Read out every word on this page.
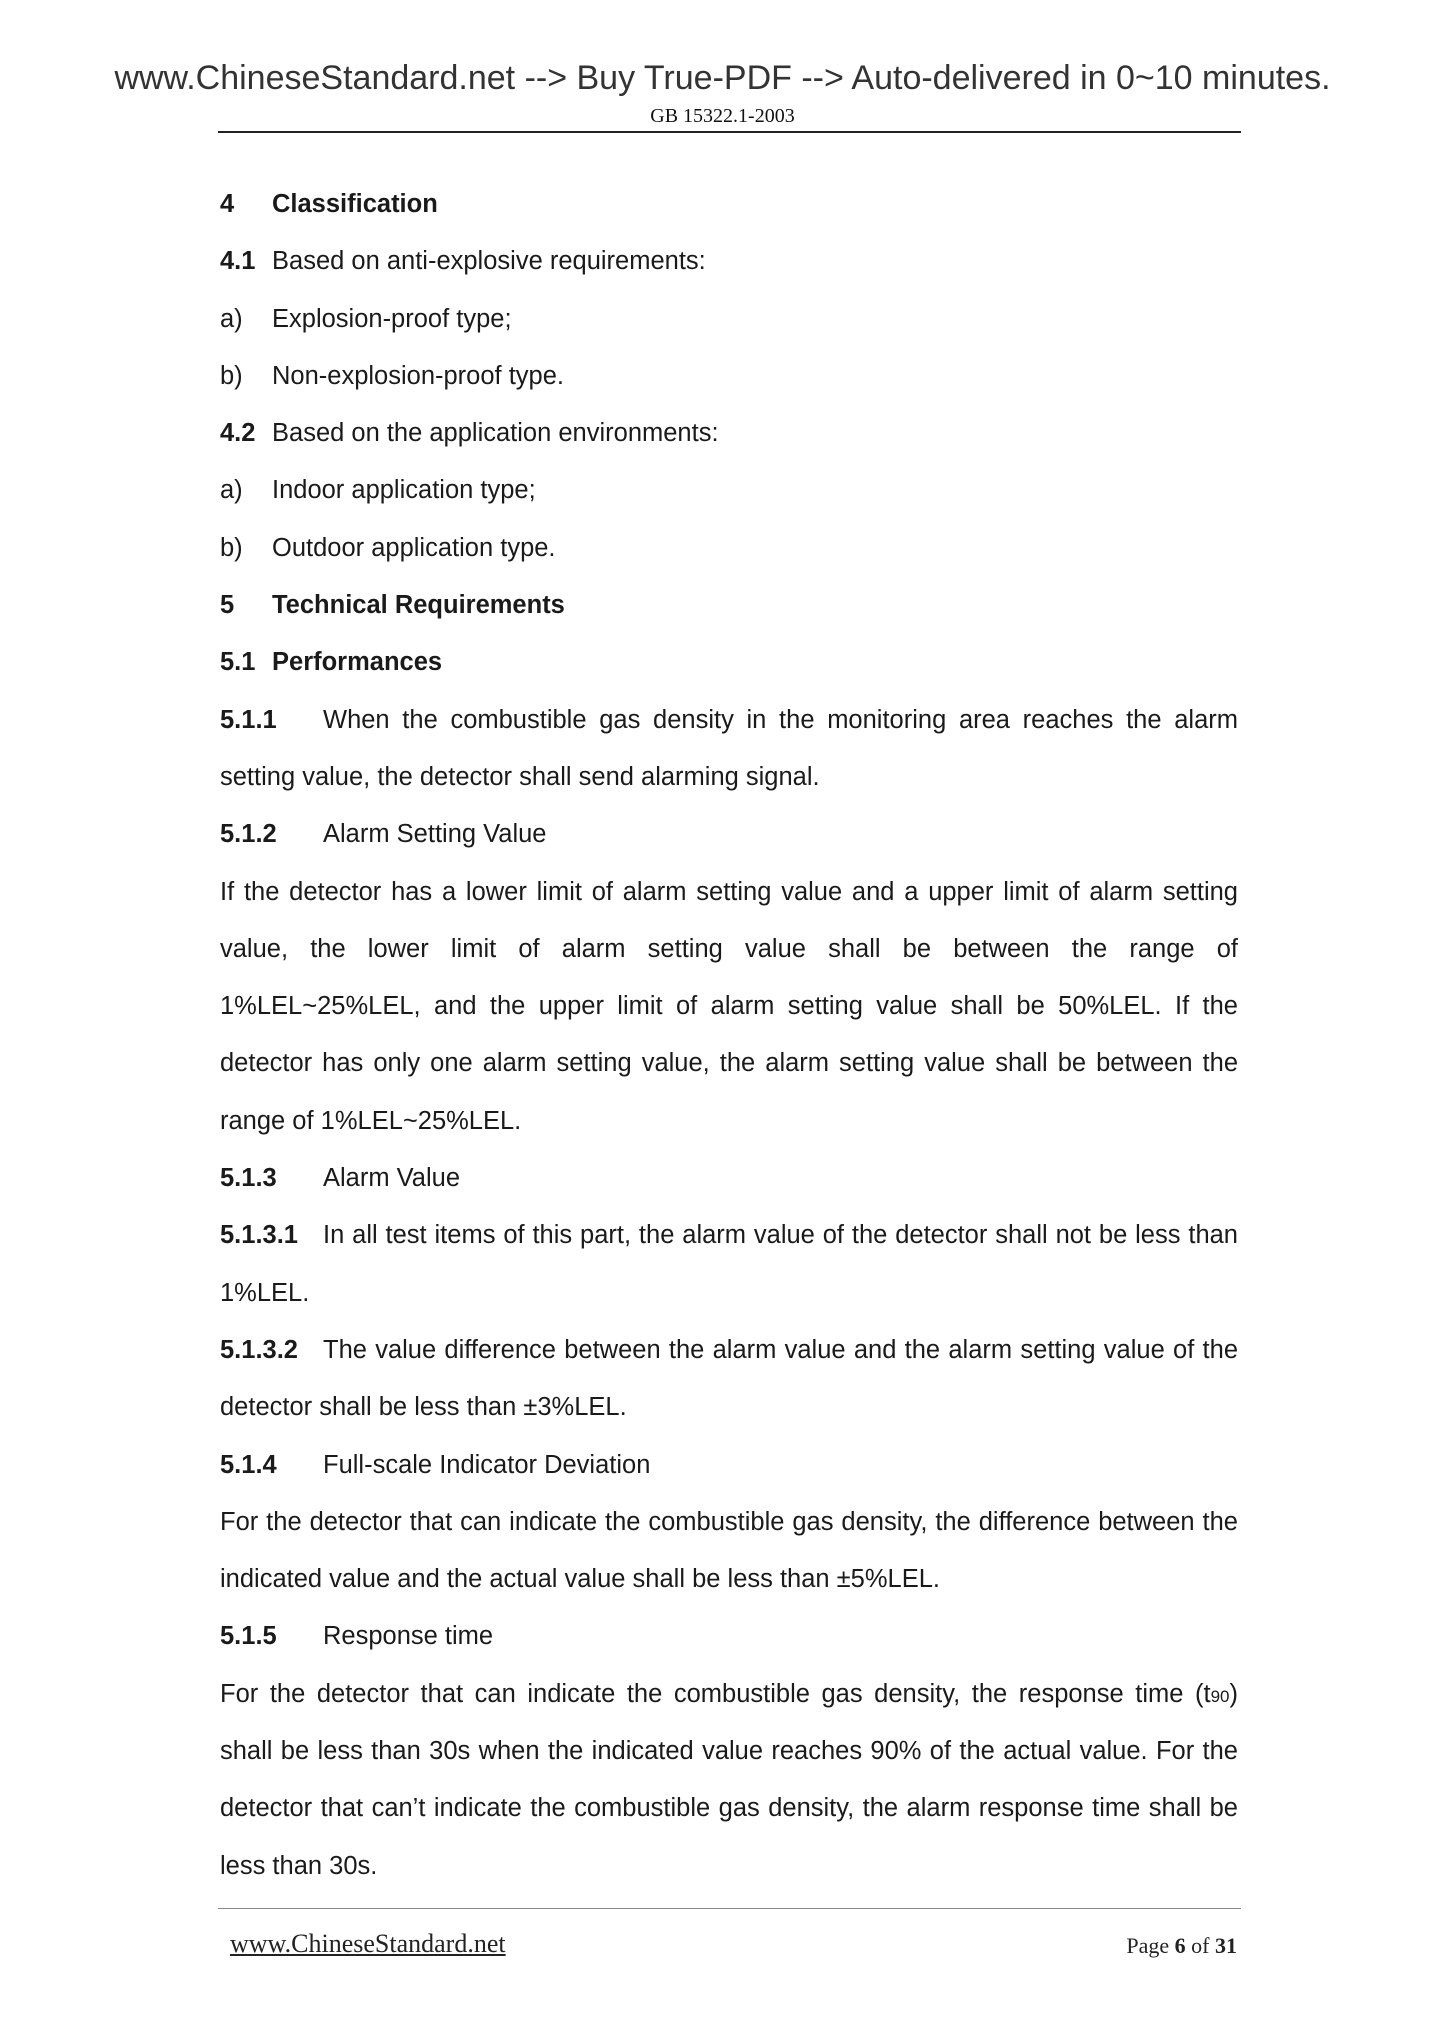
www.ChineseStandard.net --> Buy True-PDF --> Auto-delivered in 0~10 minutes.
GB 15322.1-2003
4 Classification
4.1 Based on anti-explosive requirements:
a) Explosion-proof type;
b) Non-explosion-proof type.
4.2 Based on the application environments:
a) Indoor application type;
b) Outdoor application type.
5 Technical Requirements
5.1 Performances
5.1.1 When the combustible gas density in the monitoring area reaches the alarm
setting value, the detector shall send alarming signal.
5.1.2 Alarm Setting Value
If the detector has a lower limit of alarm setting value and a upper limit of alarm setting
value, the lower limit of alarm setting value shall be between the range of
1%LEL~25%LEL, and the upper limit of alarm setting value shall be 50%LEL. If the
detector has only one alarm setting value, the alarm setting value shall be between the
range of 1%LEL~25%LEL.
5.1.3 Alarm Value
5.1.3.1 In all test items of this part, the alarm value of the detector shall not be less than
1%LEL.
5.1.3.2 The value difference between the alarm value and the alarm setting value of the
detector shall be less than ±3%LEL.
5.1.4 Full-scale Indicator Deviation
For the detector that can indicate the combustible gas density, the difference between the
indicated value and the actual value shall be less than ±5%LEL.
5.1.5 Response time
For the detector that can indicate the combustible gas density, the response time (t90)
shall be less than 30s when the indicated value reaches 90% of the actual value. For the
detector that can’t indicate the combustible gas density, the alarm response time shall be
less than 30s.
www.ChineseStandard.net	Page 6 of 31
